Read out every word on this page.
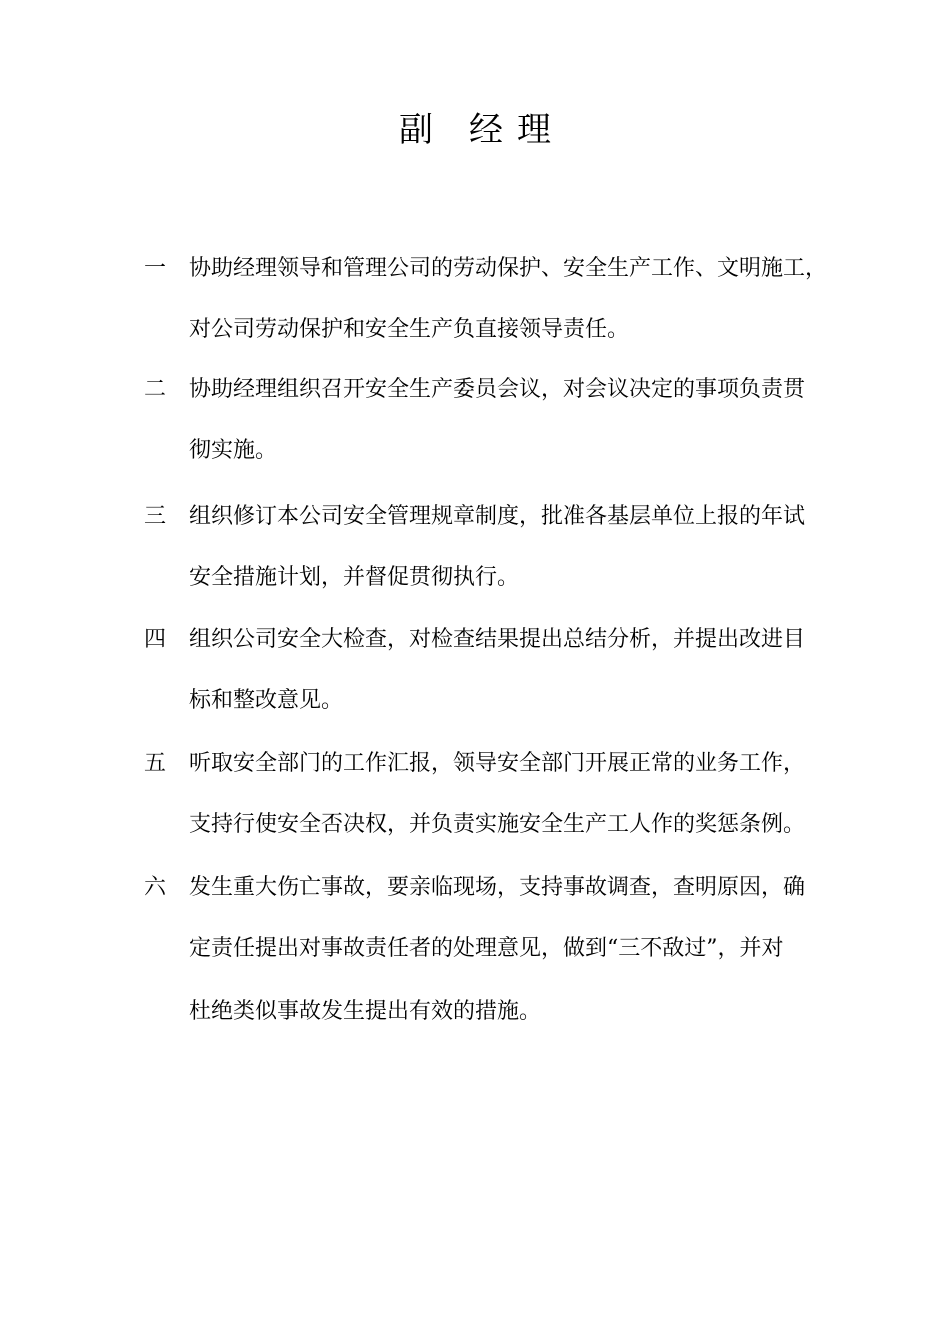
副 经 理
一 协助经理领导和管理公司的劳动保护、安全生产工作、文明施工，
对公司劳动保护和安全生产负直接领导责任。
二 协助经理组织召开安全生产委员会议，对会议决定的事项负责贯
彻实施。
三 组织修订本公司安全管理规章制度，批准各基层单位上报的年试
安全措施计划，并督促贯彻执行。
四 组织公司安全大检查，对检查结果提出总结分析，并提出改进目
标和整改意见。
五 听取安全部门的工作汇报，领导安全部门开展正常的业务工作，
支持行使安全否决权，并负责实施安全生产工人作的奖惩条例。
六 发生重大伤亡事故，要亲临现场，支持事故调查，查明原因，确
定责任提出对事故责任者的处理意见，做到“三不敌过”，并对
杜绝类似事故发生提出有效的措施。
